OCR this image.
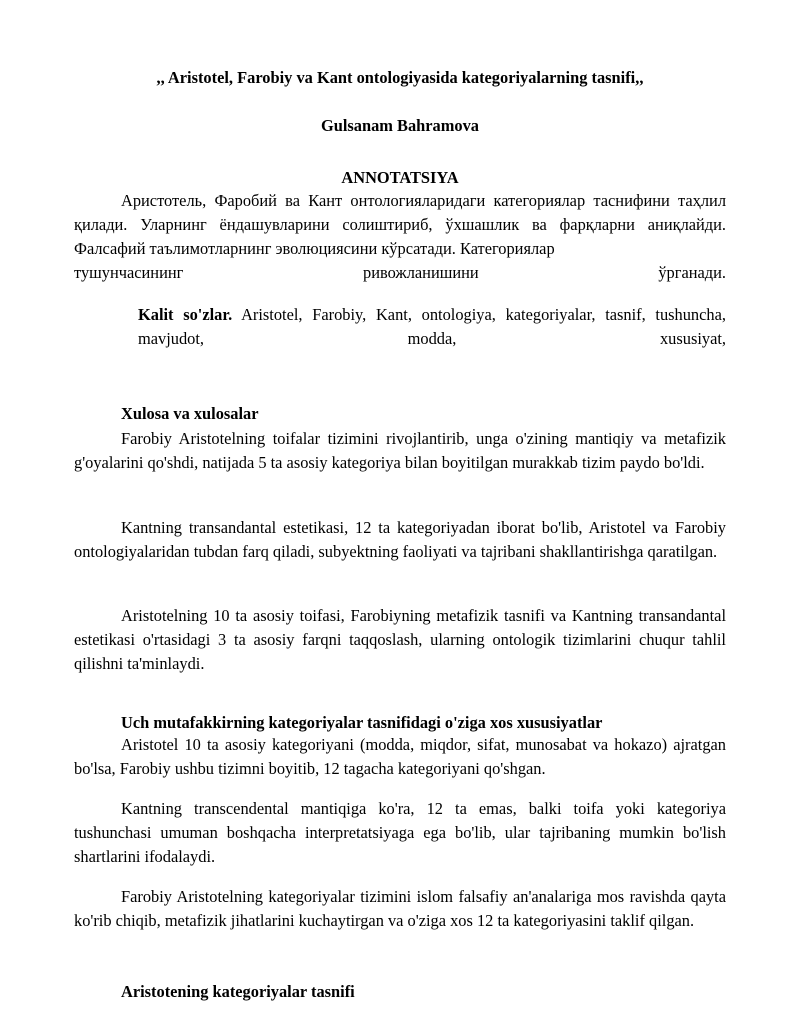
,, Aristotel, Farobiy va Kant ontologiyasida kategoriyalarning tasnifi,,
Gulsanam Bahramova
ANNOTATSIYA
Аристотель, Фаробий ва Кант онтологияларидаги категориялар таснифини таҳлил қилади. Уларнинг ёндашувларини солиштириб, ўхшашлик ва фарқларни аниқлайди. Фалсафий таълимотларнинг эволюциясини кўрсатади. Категориялар
тушунчасининг ривожланишини ўрганади.
Kalit so'zlar. Aristotel, Farobiy, Kant, ontologiya, kategoriyalar, tasnif, tushuncha, mavjudot, modda, xususiyat,
Xulosa va xulosalar
Farobiy Aristotelning toifalar tizimini rivojlantirib, unga o'zining mantiqiy va metafizik g'oyalarini qo'shdi, natijada 5 ta asosiy kategoriya bilan boyitilgan murakkab tizim paydo bo'ldi.
Kantning transandantal estetikasi, 12 ta kategoriyadan iborat bo'lib, Aristotel va Farobiy ontologiyalaridan tubdan farq qiladi, subyektning faoliyati va tajribani shakllantirishga qaratilgan.
Aristotelning 10 ta asosiy toifasi, Farobiyning metafizik tasnifi va Kantning transandantal estetikasi o'rtasidagi 3 ta asosiy farqni taqqoslash, ularning ontologik tizimlarini chuqur tahlil qilishni ta'minlaydi.
Uch mutafakkirning kategoriyalar tasnifidagi o'ziga xos xususiyatlar
Aristotel 10 ta asosiy kategoriyani (modda, miqdor, sifat, munosabat va hokazo) ajratgan bo'lsa, Farobiy ushbu tizimni boyitib, 12 tagacha kategoriyani qo'shgan.
Kantning transcendental mantiqiga ko'ra, 12 ta emas, balki toifa yoki kategoriya tushunchasi umuman boshqacha interpretatsiyaga ega bo'lib, ular tajribaning mumkin bo'lish shartlarini ifodalaydi.
Farobiy Aristotelning kategoriyalar tizimini islom falsafiy an'analariga mos ravishda qayta ko'rib chiqib, metafizik jihatlarini kuchaytirgan va o'ziga xos 12 ta kategoriyasini taklif qilgan.
Aristotening kategoriyalar tasnifi
